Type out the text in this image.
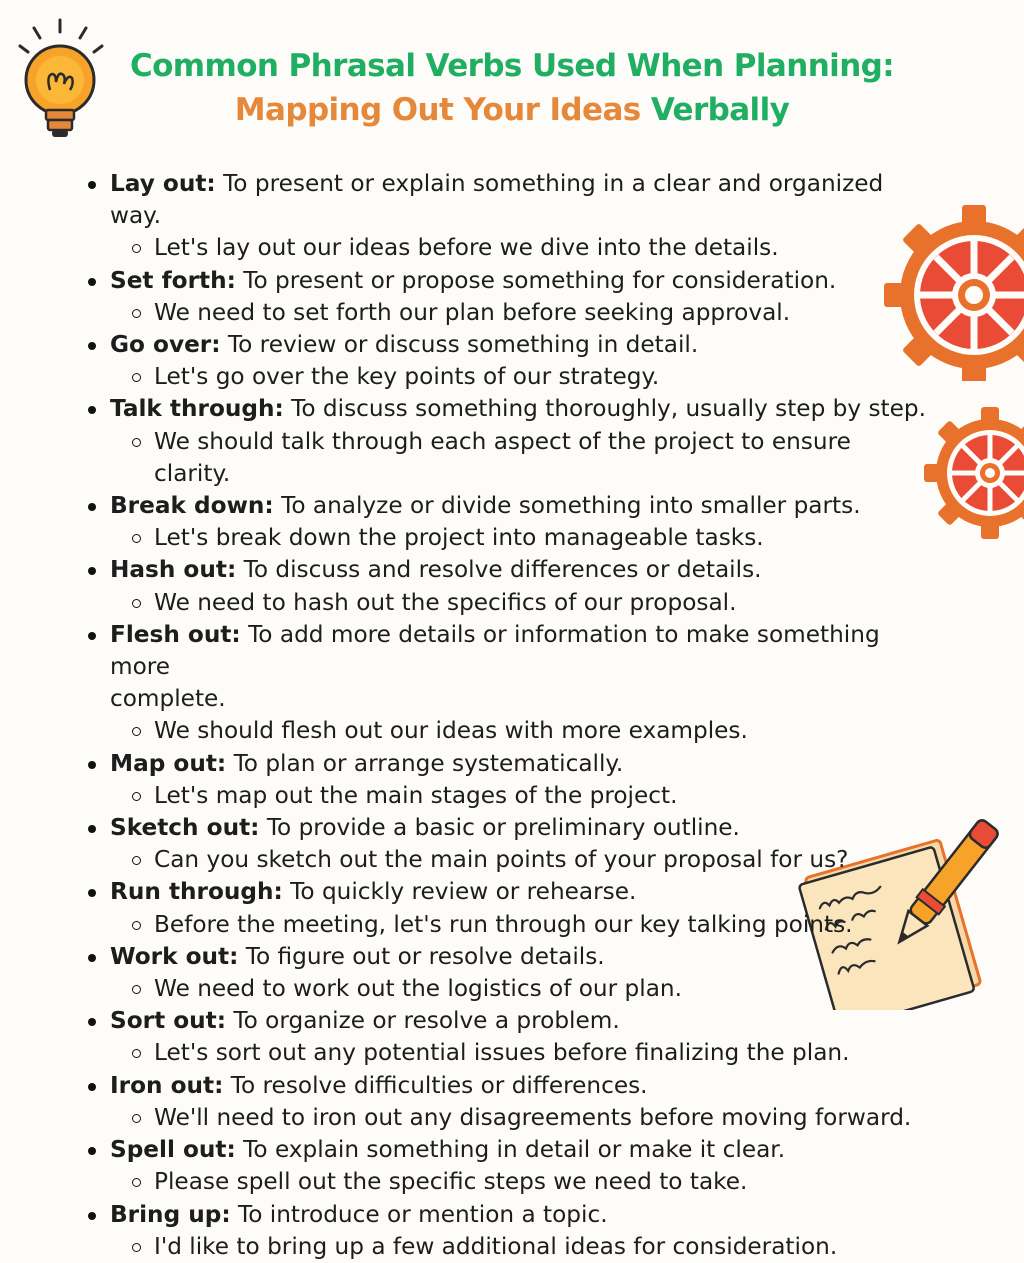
Common Phrasal Verbs Used When Planning:
Mapping Out Your Ideas Verbally
Lay out: To present or explain something in a clear and organized way.
Let's lay out our ideas before we dive into the details.
Set forth: To present or propose something for consideration.
We need to set forth our plan before seeking approval.
Go over: To review or discuss something in detail.
Let's go over the key points of our strategy.
Talk through: To discuss something thoroughly, usually step by step.
We should talk through each aspect of the project to ensure clarity.
Break down: To analyze or divide something into smaller parts.
Let's break down the project into manageable tasks.
Hash out: To discuss and resolve differences or details.
We need to hash out the specifics of our proposal.
Flesh out: To add more details or information to make something more
complete.
We should flesh out our ideas with more examples.
Map out: To plan or arrange systematically.
Let's map out the main stages of the project.
Sketch out: To provide a basic or preliminary outline.
Can you sketch out the main points of your proposal for us?
Run through: To quickly review or rehearse.
Before the meeting, let's run through our key talking points.
Work out: To figure out or resolve details.
We need to work out the logistics of our plan.
Sort out: To organize or resolve a problem.
Let's sort out any potential issues before finalizing the plan.
Iron out: To resolve difficulties or differences.
We'll need to iron out any disagreements before moving forward.
Spell out: To explain something in detail or make it clear.
Please spell out the specific steps we need to take.
Bring up: To introduce or mention a topic.
I'd like to bring up a few additional ideas for consideration.
